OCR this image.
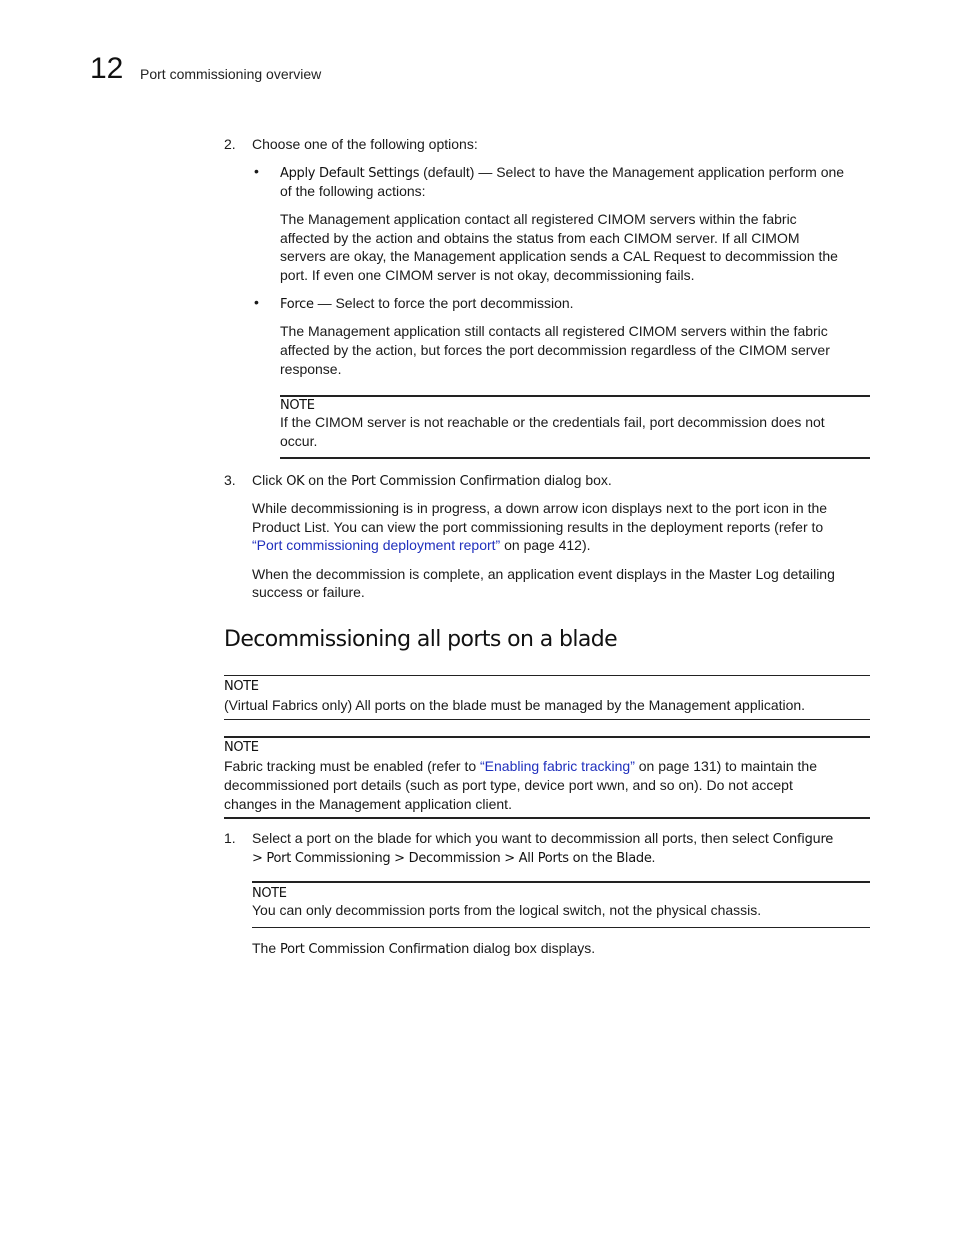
12 Port commissioning overview
2. Choose one of the following options:
• Apply Default Settings (default) — Select to have the Management application perform one
of the following actions:
The Management application contact all registered CIMOM servers within the fabric
affected by the action and obtains the status from each CIMOM server. If all CIMOM
servers are okay, the Management application sends a CAL Request to decommission the
port. If even one CIMOM server is not okay, decommissioning fails.
• Force — Select to force the port decommission.
The Management application still contacts all registered CIMOM servers within the fabric
affected by the action, but forces the port decommission regardless of the CIMOM server
response.
NOTE
If the CIMOM server is not reachable or the credentials fail, port decommission does not
occur.
3. Click OK on the Port Commission Confirmation dialog box.
While decommissioning is in progress, a down arrow icon displays next to the port icon in the
Product List. You can view the port commissioning results in the deployment reports (refer to
“Port commissioning deployment report” on page 412).
When the decommission is complete, an application event displays in the Master Log detailing
success or failure.
Decommissioning all ports on a blade
NOTE
(Virtual Fabrics only) All ports on the blade must be managed by the Management application.
NOTE
Fabric tracking must be enabled (refer to “Enabling fabric tracking” on page 131) to maintain the
decommissioned port details (such as port type, device port wwn, and so on). Do not accept
changes in the Management application client.
1. Select a port on the blade for which you want to decommission all ports, then select Configure
> Port Commissioning > Decommission > All Ports on the Blade.
NOTE
You can only decommission ports from the logical switch, not the physical chassis.
The Port Commission Confirmation dialog box displays.
